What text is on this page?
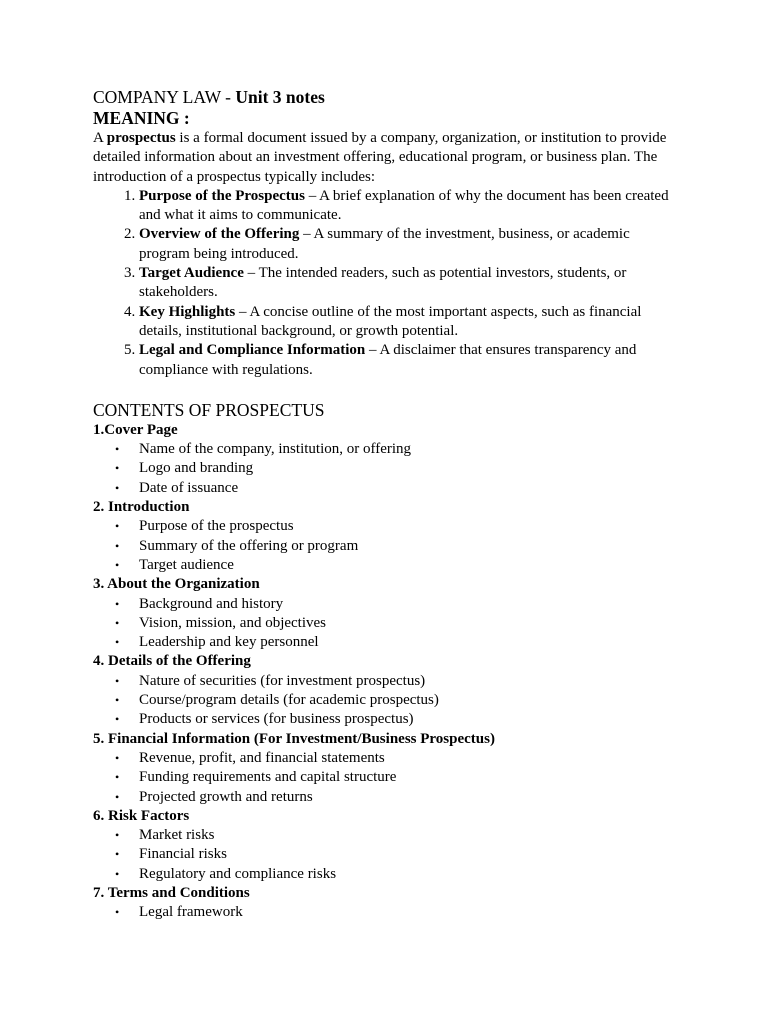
COMPANY LAW - Unit 3 notes

MEANING :

A prospectus is a formal document issued by a company, organization, or institution to provide detailed information about an investment offering, educational program, or business plan. The introduction of a prospectus typically includes:

1. Purpose of the Prospectus – A brief explanation of why the document has been created and what it aims to communicate.
2. Overview of the Offering – A summary of the investment, business, or academic program being introduced.
3. Target Audience – The intended readers, such as potential investors, students, or stakeholders.
4. Key Highlights – A concise outline of the most important aspects, such as financial details, institutional background, or growth potential.
5. Legal and Compliance Information – A disclaimer that ensures transparency and compliance with regulations.

CONTENTS OF PROSPECTUS

1.Cover Page

• Name of the company, institution, or offering
• Logo and branding
• Date of issuance

2. Introduction

• Purpose of the prospectus
• Summary of the offering or program
• Target audience

3. About the Organization

• Background and history
• Vision, mission, and objectives
• Leadership and key personnel

4. Details of the Offering

• Nature of securities (for investment prospectus)
• Course/program details (for academic prospectus)
• Products or services (for business prospectus)

5. Financial Information (For Investment/Business Prospectus)

• Revenue, profit, and financial statements
• Funding requirements and capital structure
• Projected growth and returns

6. Risk Factors

• Market risks
• Financial risks
• Regulatory and compliance risks

7. Terms and Conditions

• Legal framework
